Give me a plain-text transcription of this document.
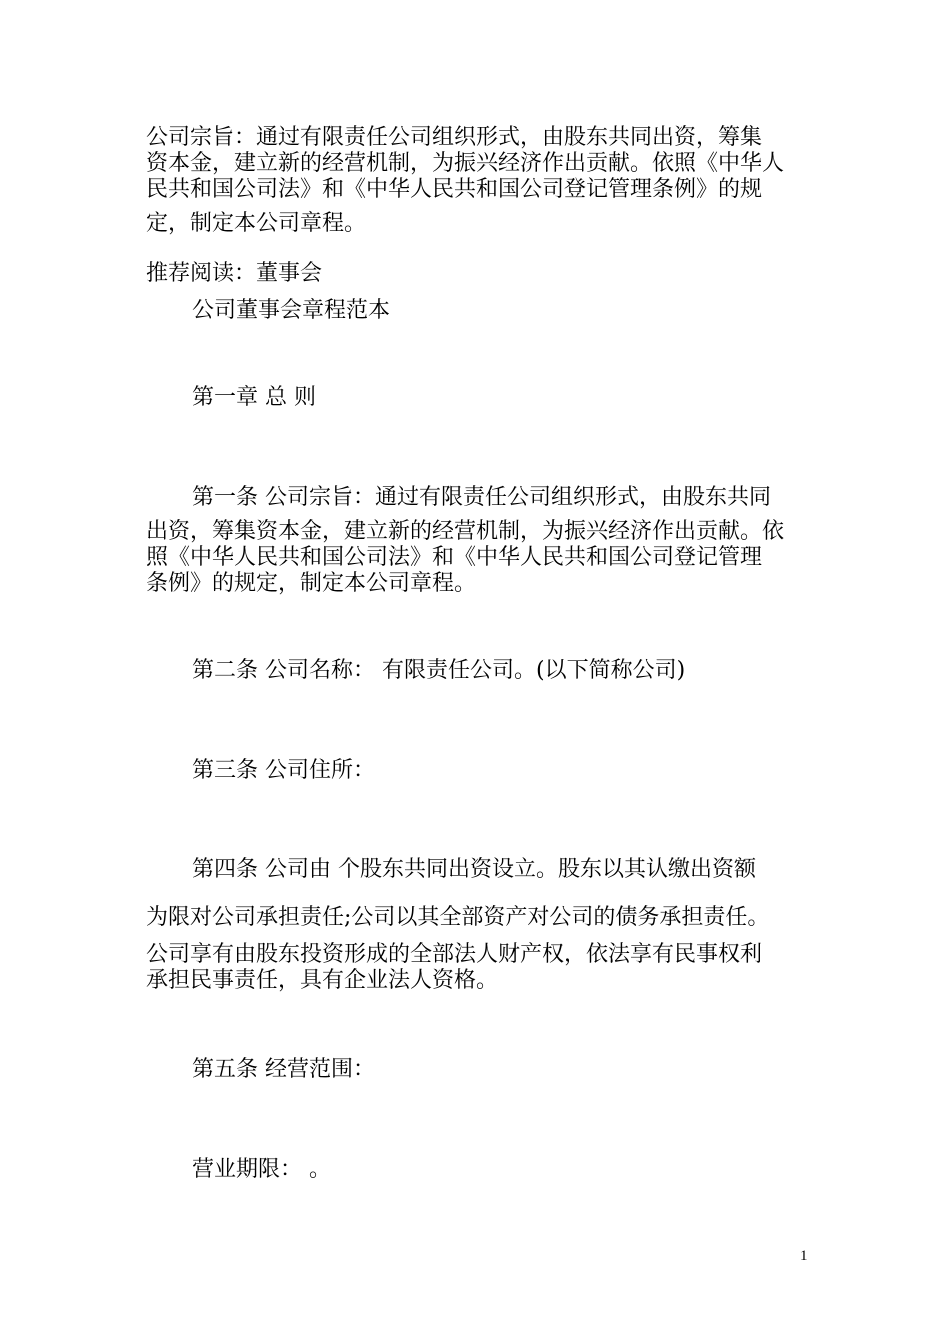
公司宗旨：通过有限责任公司组织形式，由股东共同出资，筹集
资本金，建立新的经营机制，为振兴经济作出贡献。依照《中华人
民共和国公司法》和《中华人民共和国公司登记管理条例》的规
定，制定本公司章程。
推荐阅读：董事会
公司董事会章程范本
第一章 总 则
第一条 公司宗旨：通过有限责任公司组织形式，由股东共同
出资，筹集资本金，建立新的经营机制，为振兴经济作出贡献。依
照《中华人民共和国公司法》和《中华人民共和国公司登记管理
条例》的规定，制定本公司章程。
第二条 公司名称： 有限责任公司。(以下简称公司)
第三条 公司住所：
第四条 公司由 个股东共同出资设立。股东以其认缴出资额
为限对公司承担责任;公司以其全部资产对公司的债务承担责任。
公司享有由股东投资形成的全部法人财产权，依法享有民事权利
承担民事责任，具有企业法人资格。
第五条 经营范围：
营业期限： 。
1
